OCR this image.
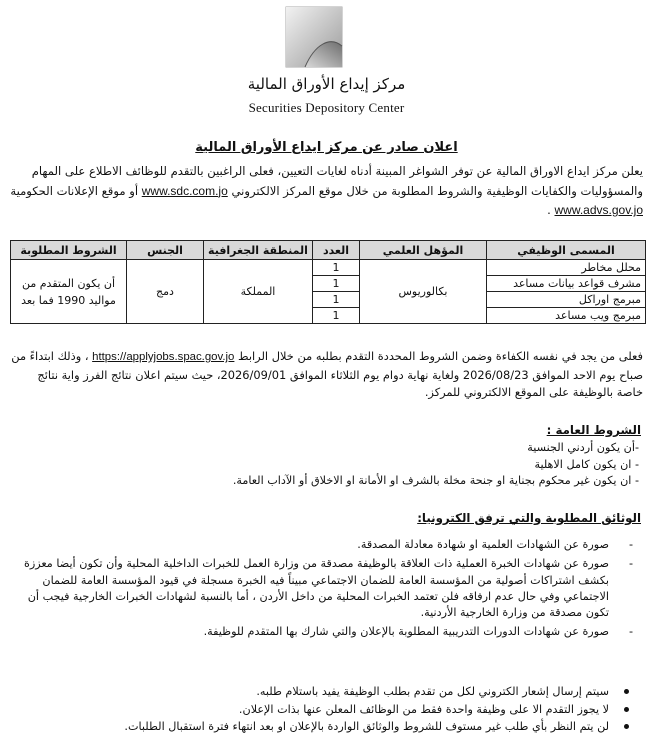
مركز إيداع الأوراق المالية
Securities Depository Center
اعلان صادر عن مركز ايداع الأوراق المالية
يعلن مركز ايداع الاوراق المالية عن توفر الشواغر المبينة أدناه لغايات التعيين، فعلى الراغبين بالتقدم للوظائف الاطلاع على المهام والمسؤوليات والكفايات الوظيفية والشروط المطلوبة من خلال موقع المركز الالكتروني www.sdc.com.jo أو موقع الإعلانات الحكومية www.advs.gov.jo .
المسمى الوظيفي	المؤهل العلمي	العدد	المنطقة الجغرافية	الجنس	الشروط المطلوبة
محلل مخاطر	بكالوريوس	1	المملكة	دمج	أن يكون المتقدم من مواليد 1990 فما بعد
مشرف قواعد بيانات مساعد		1			
مبرمج اوراكل		1			
مبرمج ويب مساعد		1			
فعلى من يجد في نفسه الكفاءة وضمن الشروط المحددة التقدم بطلبه من خلال الرابط https://applyjobs.spac.gov.jo ، وذلك ابتداءً من صباح يوم الاحد الموافق 2026/08/23 ولغاية نهاية دوام يوم الثلاثاء الموافق 2026/09/01، حيث سيتم اعلان نتائج الفرز واية نتائج خاصة بالوظيفة على الموقع الالكتروني للمركز.
الشروط العامة :
-أن يكون أردني الجنسية
- ان يكون كامل الاهلية
- ان يكون غير محكوم بجناية او جنحة مخلة بالشرف او الأمانة او الاخلاق أو الآداب العامة.
الوثائق المطلوبة والتي ترفق الكترونيا:
-
صورة عن الشهادات العلمية او شهادة معادلة المصدقة.
-
صورة عن شهادات الخبرة العملية ذات العلاقة بالوظيفة مصدقة من وزارة العمل للخبرات الداخلية المحلية وأن تكون أيضا معززة بكشف اشتراكات أصولية من المؤسسة العامة للضمان الاجتماعي مبيناً فيه الخبرة مسجلة في قيود المؤسسة العامة للضمان الاجتماعي وفي حال عدم ارفاقه فلن تعتمد الخبرات المحلية من داخل الأردن ، أما بالنسبة لشهادات الخبرات الخارجية فيجب أن تكون مصدقة من وزارة الخارجية الأردنية.
-
صورة عن شهادات الدورات التدريبية المطلوبة بالإعلان والتي شارك بها المتقدم للوظيفة.
سيتم إرسال إشعار الكتروني لكل من تقدم بطلب الوظيفة يفيد باستلام طلبه.
لا يجوز التقدم الا على وظيفة واحدة فقط من الوظائف المعلن عنها بذات الإعلان.
لن يتم النظر بأي طلب غير مستوف للشروط والوثائق الواردة بالإعلان او بعد انتهاء فترة استقبال الطلبات.
